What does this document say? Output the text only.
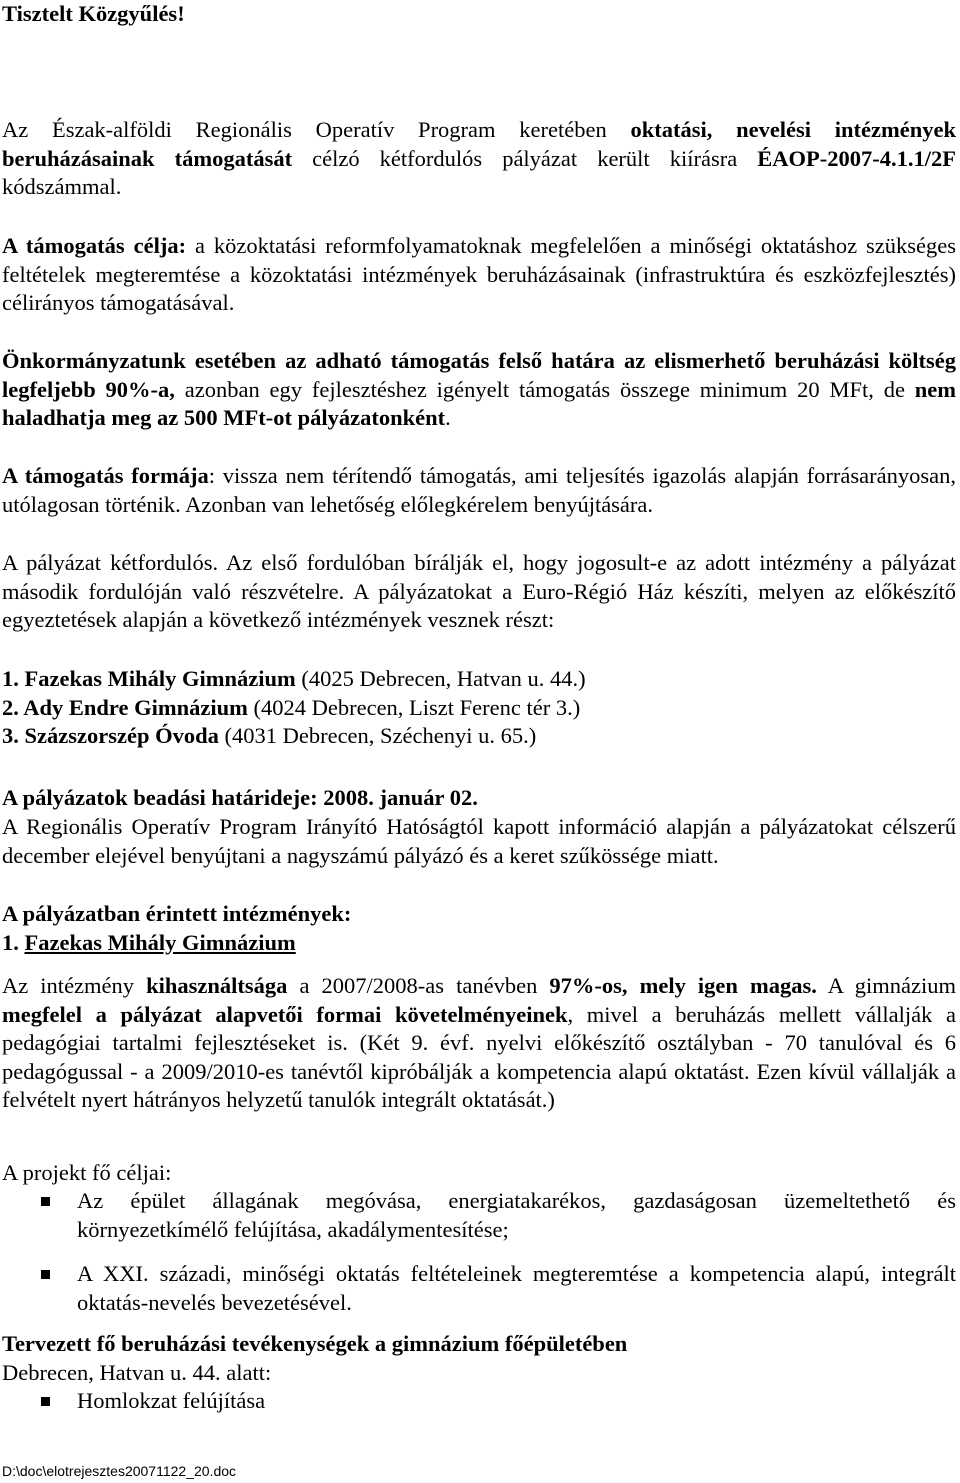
Tisztelt Közgyűlés!
Az Észak-alföldi Regionális Operatív Program keretében oktatási, nevelési intézmények beruházásainak támogatását célzó kétfordulós pályázat került kiírásra ÉAOP-2007-4.1.1/2F kódszámmal.
A támogatás célja: a közoktatási reformfolyamatoknak megfelelően a minőségi oktatáshoz szükséges feltételek megteremtése a közoktatási intézmények beruházásainak (infrastruktúra és eszközfejlesztés) célirányos támogatásával.
Önkormányzatunk esetében az adható támogatás felső határa az elismerhető beruházási költség legfeljebb 90%-a, azonban egy fejlesztéshez igényelt támogatás összege minimum 20 MFt, de nem haladhatja meg az 500 MFt-ot pályázatonként.
A támogatás formája: vissza nem térítendő támogatás, ami teljesítés igazolás alapján forrásarányosan, utólagosan történik. Azonban van lehetőség előlegkérelem benyújtására.
A pályázat kétfordulós. Az első fordulóban bírálják el, hogy jogosult-e az adott intézmény a pályázat második fordulóján való részvételre. A pályázatokat a Euro-Régió Ház készíti, melyen az előkészítő egyeztetések alapján a következő intézmények vesznek részt:
1. Fazekas Mihály Gimnázium (4025 Debrecen, Hatvan u. 44.)
2. Ady Endre Gimnázium (4024 Debrecen, Liszt Ferenc tér 3.)
3. Százszorszép Óvoda (4031 Debrecen, Széchenyi u. 65.)
A pályázatok beadási határideje: 2008. január 02.
A Regionális Operatív Program Irányító Hatóságtól kapott információ alapján a pályázatokat célszerű december elejével benyújtani a nagyszámú pályázó és a keret szűkössége miatt.
A pályázatban érintett intézmények:
1. Fazekas Mihály Gimnázium
Az intézmény kihasználtsága a 2007/2008-as tanévben 97%-os, mely igen magas. A gimnázium megfelel a pályázat alapvetői formai követelményeinek, mivel a beruházás mellett vállalják a pedagógiai tartalmi fejlesztéseket is. (Két 9. évf. nyelvi előkészítő osztályban - 70 tanulóval és 6 pedagógussal - a 2009/2010-es tanévtől kipróbálják a kompetencia alapú oktatást. Ezen kívül vállalják a felvételt nyert hátrányos helyzetű tanulók integrált oktatását.)
A projekt fő céljai:
Az épület állagának megóvása, energiatakarékos, gazdaságosan üzemeltethető és környezetkímélő felújítása, akadálymentesítése;
A XXI. századi, minőségi oktatás feltételeinek megteremtése a kompetencia alapú, integrált oktatás-nevelés bevezetésével.
Tervezett fő beruházási tevékenységek a gimnázium főépületében
Debrecen, Hatvan u. 44. alatt:
Homlokzat felújítása
D:\doc\elotrejesztes20071122_20.doc
